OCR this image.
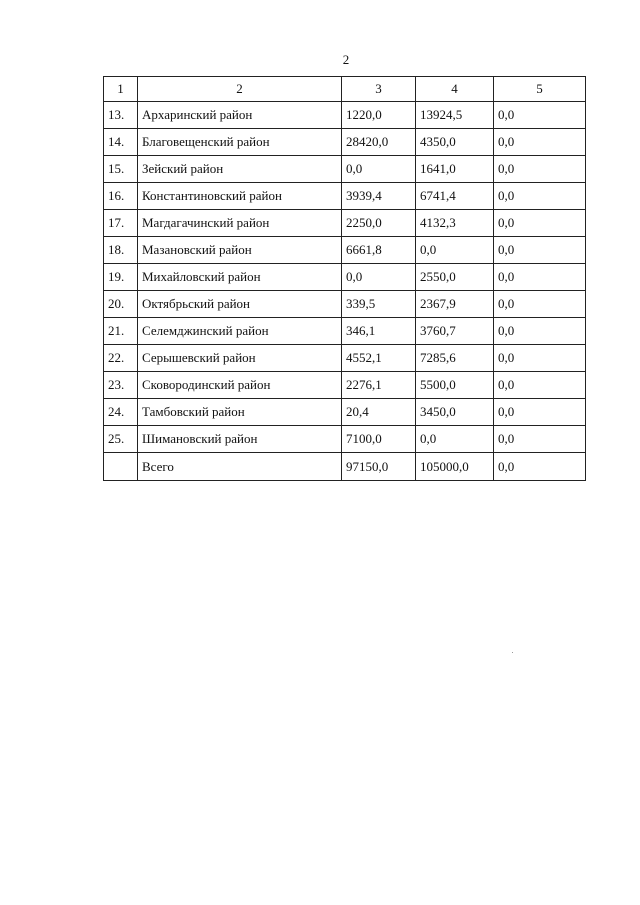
2
1	2	3	4	5
13.	Архаринский район	1220,0	13924,5	0,0
14.	Благовещенский район	28420,0	4350,0	0,0
15.	Зейский район	0,0	1641,0	0,0
16.	Константиновский район	3939,4	6741,4	0,0
17.	Магдагачинский район	2250,0	4132,3	0,0
18.	Мазановский район	6661,8	0,0	0,0
19.	Михайловский район	0,0	2550,0	0,0
20.	Октябрьский район	339,5	2367,9	0,0
21.	Селемджинский район	346,1	3760,7	0,0
22.	Серышевский район	4552,1	7285,6	0,0
23.	Сковородинский район	2276,1	5500,0	0,0
24.	Тамбовский район	20,4	3450,0	0,0
25.	Шимановский район	7100,0	0,0	0,0
	Всего	97150,0	105000,0	0,0
